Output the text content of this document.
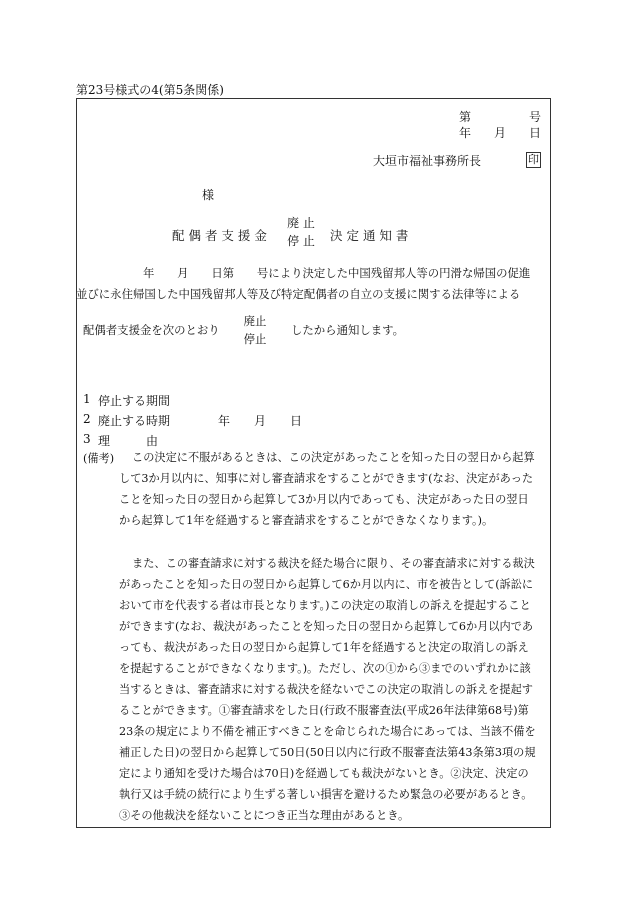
第23号様式の4(第5条関係)
第	号
年 月 日
大垣市福祉事務所長	印
様
配 偶 者 支 援 金
廃 止
停 止 決 定 通 知 書
年　　月　　日第　　号により決定した中国残留邦人等の円滑な帰国の促進
並びに永住帰国した中国残留邦人等及び特定配偶者の自立の支援に関する法律等による
配偶者支援金を次のとおり
廃止
停止
したから通知します。
1 停止する期間
2 廃止する時期	年　　月　　日
3 理　　　由
(備考)	この決定に不服があるときは、この決定があったことを知った日の翌日から起算して3か月以内に、知事に対し審査請求をすることができます(なお、決定があったことを知った日の翌日から起算して3か月以内であっても、決定があった日の翌日から起算して1年を経過すると審査請求をすることができなくなります。)。
また、この審査請求に対する裁決を経た場合に限り、その審査請求に対する裁決があったことを知った日の翌日から起算して6か月以内に、市を被告として(訴訟において市を代表する者は市長となります。)この決定の取消しの訴えを提起することができます(なお、裁決があったことを知った日の翌日から起算して6か月以内であっても、裁決があった日の翌日から起算して1年を経過すると決定の取消しの訴えを提起することができなくなります。)。ただし、次の①から③までのいずれかに該当するときは、審査請求に対する裁決を経ないでこの決定の取消しの訴えを提起することができます。①審査請求をした日(行政不服審査法(平成26年法律第68号)第23条の規定により不備を補正すべきことを命じられた場合にあっては、当該不備を補正した日)の翌日から起算して50日(50日以内に行政不服審査法第43条第3項の規定により通知を受けた場合は70日)を経過しても裁決がないとき。②決定、決定の執行又は手続の続行により生ずる著しい損害を避けるため緊急の必要があるとき。③その他裁決を経ないことにつき正当な理由があるとき。
